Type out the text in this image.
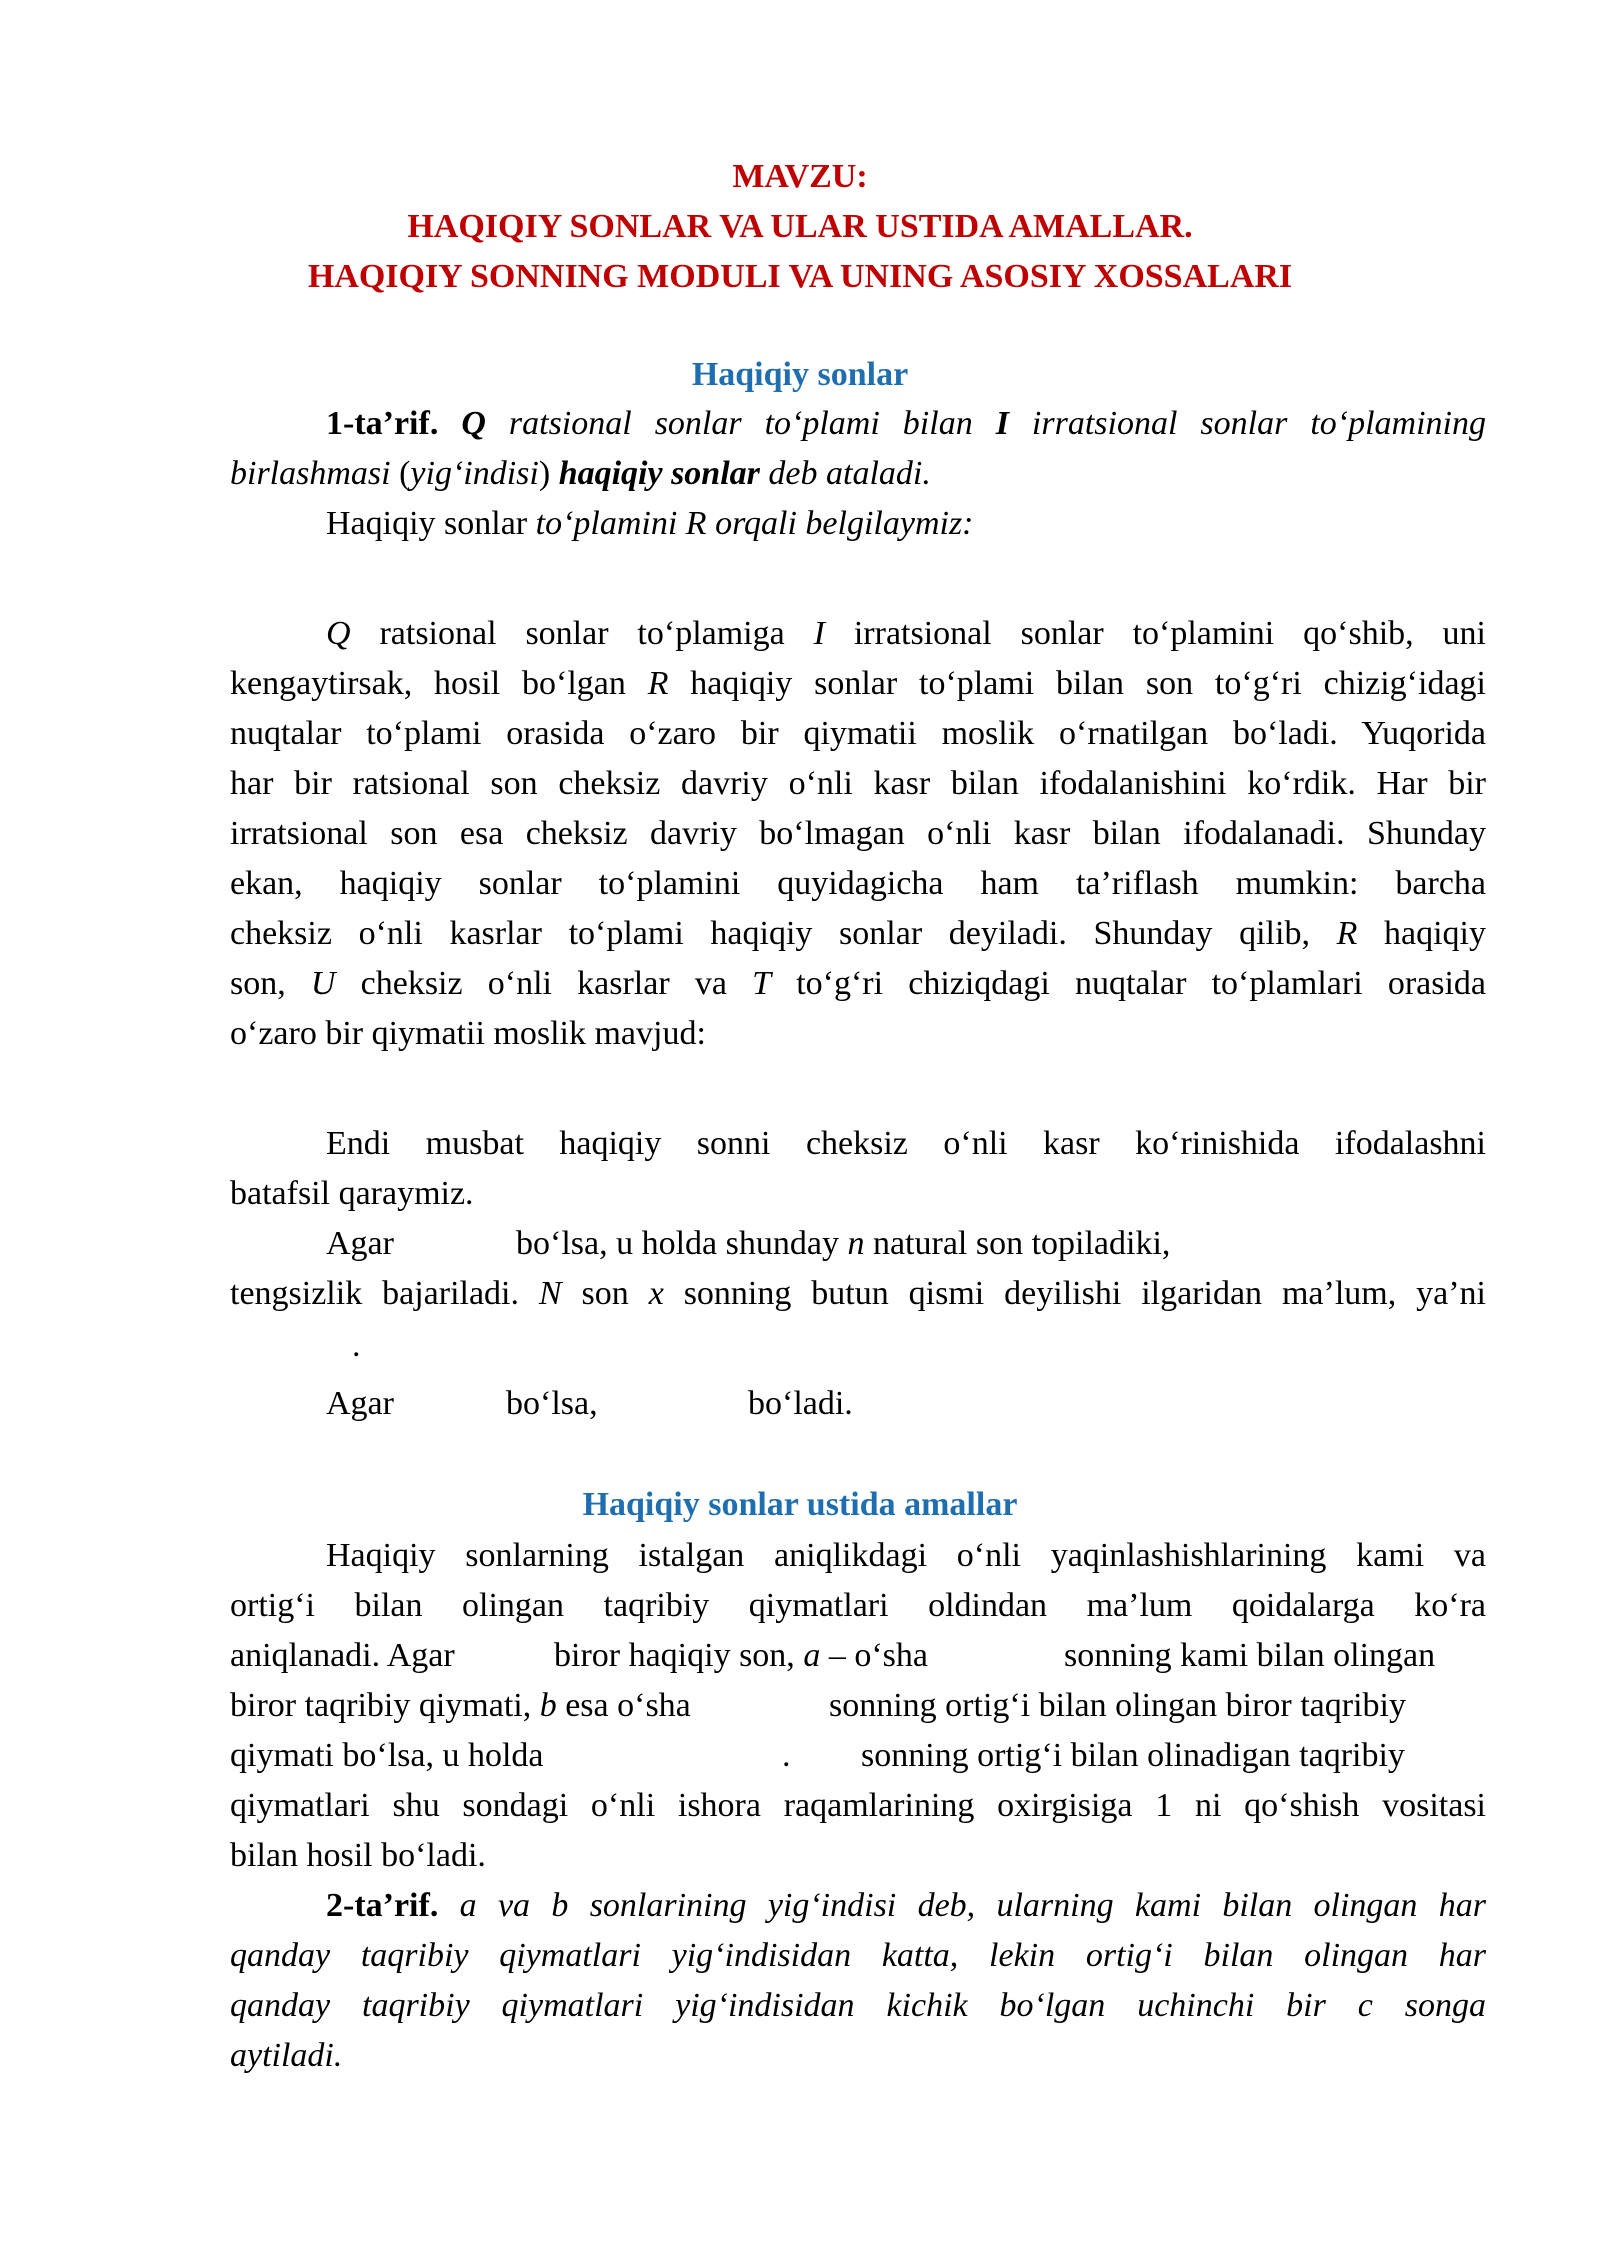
MAVZU:
HAQIQIY SONLAR VA ULAR USTIDA AMALLAR.
HAQIQIY SONNING MODULI VA UNING ASOSIY XOSSALARI
Haqiqiy sonlar
1-ta’rif. Q ratsional sonlar to‘plami bilan I irratsional sonlar to‘plamining
birlashmasi (yig‘indisi) haqiqiy sonlar deb ataladi.
Haqiqiy sonlar to‘plamini R orqali belgilaymiz:
Q ratsional sonlar to‘plamiga I irratsional sonlar to‘plamini qo‘shib, uni
kengaytirsak, hosil bo‘lgan R haqiqiy sonlar to‘plami bilan son to‘g‘ri chizig‘idagi
nuqtalar to‘plami orasida o‘zaro bir qiymatii moslik o‘rnatilgan bo‘ladi. Yuqorida
har bir ratsional son cheksiz davriy o‘nli kasr bilan ifodalanishini ko‘rdik. Har bir
irratsional son esa cheksiz davriy bo‘lmagan o‘nli kasr bilan ifodalanadi. Shunday
ekan, haqiqiy sonlar to‘plamini quyidagicha ham ta’riflash mumkin: barcha
cheksiz o‘nli kasrlar to‘plami haqiqiy sonlar deyiladi. Shunday qilib, R haqiqiy
son, U cheksiz o‘nli kasrlar va T to‘g‘ri chiziqdagi nuqtalar to‘plamlari orasida
o‘zaro bir qiymatii moslik mavjud:
Endi musbat haqiqiy sonni cheksiz o‘nli kasr ko‘rinishida ifodalashni
batafsil qaraymiz.
Agar	bo‘lsa, u holda shunday n natural son topiladiki,
tengsizlik bajariladi. N son x sonning butun qismi deyilishi ilgaridan ma’lum, ya’ni
.
Agar	bo‘lsa,	bo‘ladi.
Haqiqiy sonlar ustida amallar
Haqiqiy sonlarning istalgan aniqlikdagi o‘nli yaqinlashishlarining kami va
ortig‘i bilan olingan taqribiy qiymatlari oldindan ma’lum qoidalarga ko‘ra
aniqlanadi. Agar	biror haqiqiy son, a – o‘sha	sonning kami bilan olingan
biror taqribiy qiymati, b esa o‘sha	sonning ortig‘i bilan olingan biror taqribiy
qiymati bo‘lsa, u holda	. sonning ortig‘i bilan olinadigan taqribiy
qiymatlari shu sondagi o‘nli ishora raqamlarining oxirgisiga 1 ni qo‘shish vositasi
bilan hosil bo‘ladi.
2-ta’rif. a va b sonlarining yig‘indisi deb, ularning kami bilan olingan har
qanday taqribiy qiymatlari yig‘indisidan katta, lekin ortig‘i bilan olingan har
qanday taqribiy qiymatlari yig‘indisidan kichik bo‘lgan uchinchi bir c songa
aytiladi.
